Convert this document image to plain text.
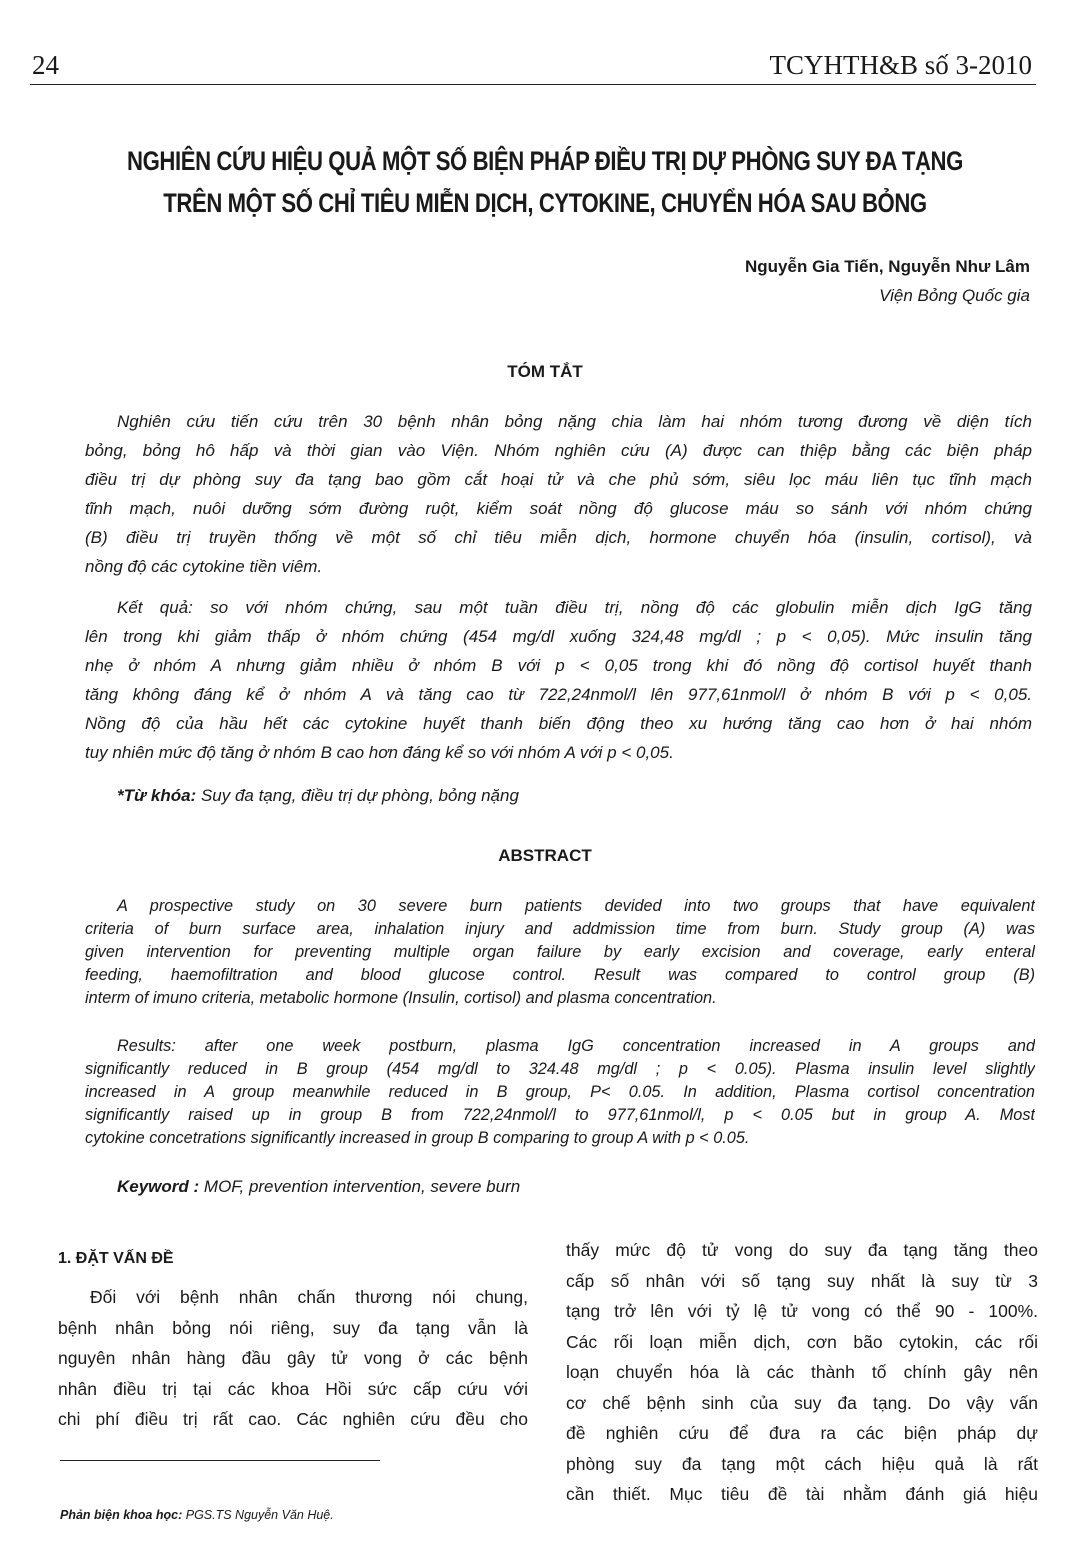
24	TCYHTH&B số 3-2010
NGHIÊN CỨU HIỆU QUẢ MỘT SỐ BIỆN PHÁP ĐIỀU TRỊ DỰ PHÒNG SUY ĐA TẠNG
TRÊN MỘT SỐ CHỈ TIÊU MIỄN DỊCH, CYTOKINE, CHUYỂN HÓA SAU BỎNG
Nguyễn Gia Tiến, Nguyễn Như Lâm
Viện Bỏng Quốc gia
TÓM TẮT
Nghiên cứu tiến cứu trên 30 bệnh nhân bỏng nặng chia làm hai nhóm tương đương về diện tích
bỏng, bỏng hô hấp và thời gian vào Viện. Nhóm nghiên cứu (A) được can thiệp bằng các biện pháp
điều trị dự phòng suy đa tạng bao gồm cắt hoại tử và che phủ sớm, siêu lọc máu liên tục tĩnh mạch
tĩnh mạch, nuôi dưỡng sớm đường ruột, kiểm soát nồng độ glucose máu so sánh với nhóm chứng
(B) điều trị truyền thống về một số chỉ tiêu miễn dịch, hormone chuyển hóa (insulin, cortisol), và
nồng độ các cytokine tiền viêm.
Kết quả: so với nhóm chứng, sau một tuần điều trị, nồng độ các globulin miễn dịch IgG tăng
lên trong khi giảm thấp ở nhóm chứng (454 mg/dl xuống 324,48 mg/dl ; p < 0,05). Mức insulin tăng
nhẹ ở nhóm A nhưng giảm nhiều ở nhóm B với p < 0,05 trong khi đó nồng độ cortisol huyết thanh
tăng không đáng kể ở nhóm A và tăng cao từ 722,24nmol/l lên 977,61nmol/l ở nhóm B với p < 0,05.
Nồng độ của hầu hết các cytokine huyết thanh biến động theo xu hướng tăng cao hơn ở hai nhóm
tuy nhiên mức độ tăng ở nhóm B cao hơn đáng kể so với nhóm A với p < 0,05.
*Từ khóa: Suy đa tạng, điều trị dự phòng, bỏng nặng
ABSTRACT
A prospective study on 30 severe burn patients devided into two groups that have equivalent
criteria of burn surface area, inhalation injury and addmission time from burn. Study group (A) was
given intervention for preventing multiple organ failure by early excision and coverage, early enteral
feeding, haemofiltration and blood glucose control. Result was compared to control group (B)
interm of imuno criteria, metabolic hormone (Insulin, cortisol) and plasma concentration.
Results: after one week postburn, plasma IgG concentration increased in A groups and
significantly reduced in B group (454 mg/dl to 324.48 mg/dl ; p < 0.05). Plasma insulin level slightly
increased in A group meanwhile reduced in B group, P< 0.05. In addition, Plasma cortisol concentration
significantly raised up in group B from 722,24nmol/l to 977,61nmol/l, p < 0.05 but in group A. Most
cytokine concetrations significantly increased in group B comparing to group A with p < 0.05.
Keyword : MOF, prevention intervention, severe burn
1. ĐẶT VẤN ĐỀ
Đối với bệnh nhân chấn thương nói chung,
bệnh nhân bỏng nói riêng, suy đa tạng vẫn là
nguyên nhân hàng đầu gây tử vong ở các bệnh
nhân điều trị tại các khoa Hồi sức cấp cứu với
chi phí điều trị rất cao. Các nghiên cứu đều cho
thấy mức độ tử vong do suy đa tạng tăng theo
cấp số nhân với số tạng suy nhất là suy từ 3
tạng trở lên với tỷ lệ tử vong có thể 90 - 100%.
Các rối loạn miễn dịch, cơn bão cytokin, các rối
loạn chuyển hóa là các thành tố chính gây nên
cơ chế bệnh sinh của suy đa tạng. Do vậy vấn
đề nghiên cứu để đưa ra các biện pháp dự
phòng suy đa tạng một cách hiệu quả là rất
cần thiết. Mục tiêu đề tài nhằm đánh giá hiệu
Phản biện khoa học: PGS.TS Nguyễn Văn Huệ.
